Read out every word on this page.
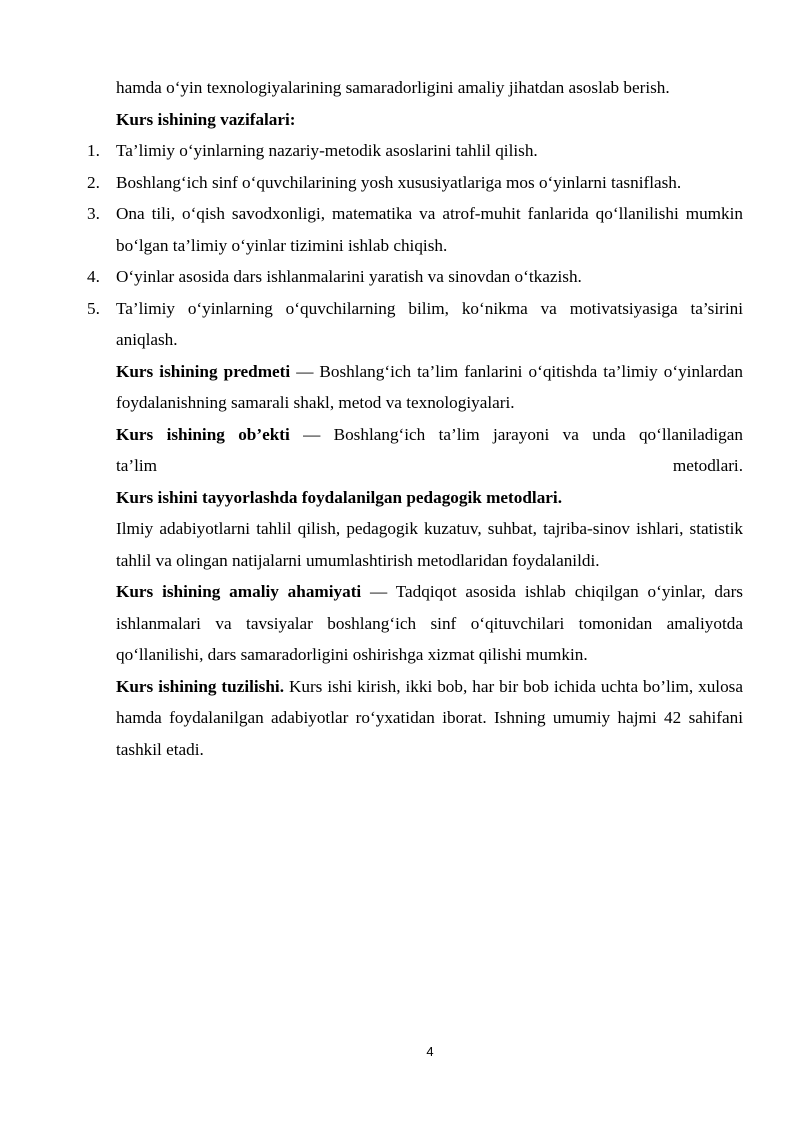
hamda o‘yin texnologiyalarining samaradorligini amaliy jihatdan asoslab berish.

Kurs ishining vazifalari:

1. Ta’limiy o‘yinlarning nazariy-metodik asoslarini tahlil qilish.
2. Boshlang‘ich sinf o‘quvchilarining yosh xususiyatlariga mos o‘yinlarni tasniflash.
3. Ona tili, o‘qish savodxonligi, matematika va atrof-muhit fanlarida qo‘llanilishi mumkin bo‘lgan ta’limiy o‘yinlar tizimini ishlab chiqish.
4. O‘yinlar asosida dars ishlanmalarini yaratish va sinovdan o‘tkazish.
5. Ta’limiy o‘yinlarning o‘quvchilarning bilim, ko‘nikma va motivatsiyasiga ta’sirini aniqlash.

Kurs ishining predmeti — Boshlang‘ich ta’lim fanlarini o‘qitishda ta’limiy o‘yinlardan foydalanishning samarali shakl, metod va texnologiyalari.

Kurs ishining ob’ekti — Boshlang‘ich ta’lim jarayoni va unda qo‘llaniladigan

ta’lim metodlari.

Kurs ishini tayyorlashda foydalanilgan pedagogik metodlari.

Ilmiy adabiyotlarni tahlil qilish, pedagogik kuzatuv, suhbat, tajriba-sinov ishlari, statistik tahlil va olingan natijalarni umumlashtirish metodlaridan foydalanildi.

Kurs ishining amaliy ahamiyati — Tadqiqot asosida ishlab chiqilgan o‘yinlar, dars ishlanmalari va tavsiyalar boshlang‘ich sinf o‘qituvchilari tomonidan amaliyotda qo‘llanilishi, dars samaradorligini oshirishga xizmat qilishi mumkin.

Kurs ishining tuzilishi. Kurs ishi kirish, ikki bob, har bir bob ichida uchta bo’lim, xulosa hamda foydalanilgan adabiyotlar ro‘yxatidan iborat. Ishning umumiy hajmi 42 sahifani tashkil etadi.

4
